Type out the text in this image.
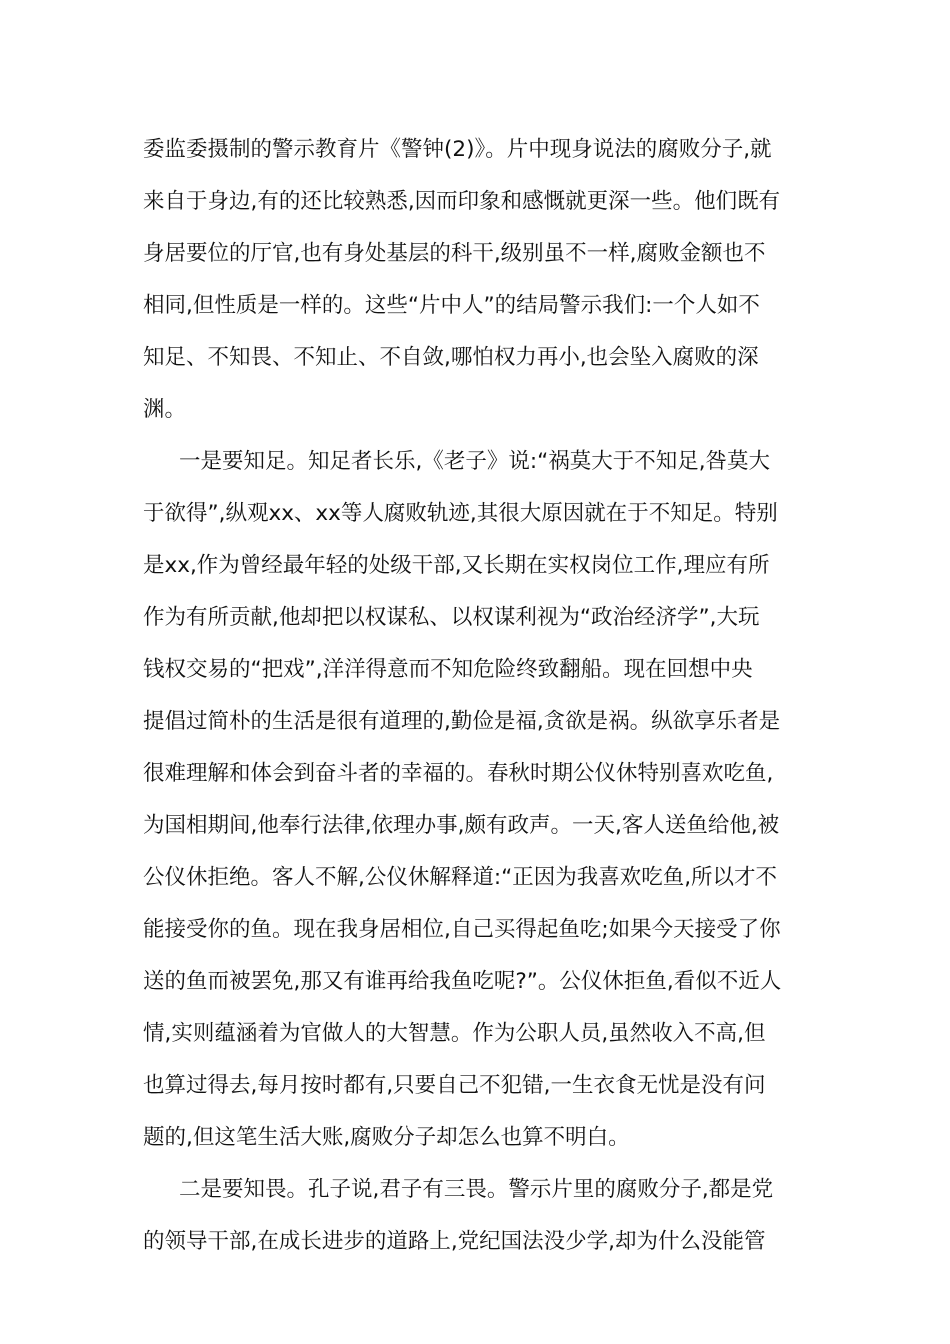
委监委摄制的警示教育片《警钟(2)》。片中现身说法的腐败分子,就
来自于身边,有的还比较熟悉,因而印象和感慨就更深一些。他们既有
身居要位的厅官,也有身处基层的科干,级别虽不一样,腐败金额也不
相同,但性质是一样的。这些“片中人”的结局警示我们:一个人如不
知足、不知畏、不知止、不自敛,哪怕权力再小,也会坠入腐败的深
渊。
一是要知足。知足者长乐,《老子》说:“祸莫大于不知足,咎莫大
于欲得”,纵观xx、xx等人腐败轨迹,其很大原因就在于不知足。特别
是xx,作为曾经最年轻的处级干部,又长期在实权岗位工作,理应有所
作为有所贡献,他却把以权谋私、以权谋利视为“政治经济学”,大玩
钱权交易的“把戏”,洋洋得意而不知危险终致翻船。现在回想中央
提倡过简朴的生活是很有道理的,勤俭是福,贪欲是祸。纵欲享乐者是
很难理解和体会到奋斗者的幸福的。春秋时期公仪休特别喜欢吃鱼,
为国相期间,他奉行法律,依理办事,颇有政声。一天,客人送鱼给他,被
公仪休拒绝。客人不解,公仪休解释道:“正因为我喜欢吃鱼,所以才不
能接受你的鱼。现在我身居相位,自己买得起鱼吃;如果今天接受了你
送的鱼而被罢免,那又有谁再给我鱼吃呢?”。公仪休拒鱼,看似不近人
情,实则蕴涵着为官做人的大智慧。作为公职人员,虽然收入不高,但
也算过得去,每月按时都有,只要自己不犯错,一生衣食无忧是没有问
题的,但这笔生活大账,腐败分子却怎么也算不明白。
二是要知畏。孔子说,君子有三畏。警示片里的腐败分子,都是党
的领导干部,在成长进步的道路上,党纪国法没少学,却为什么没能管
